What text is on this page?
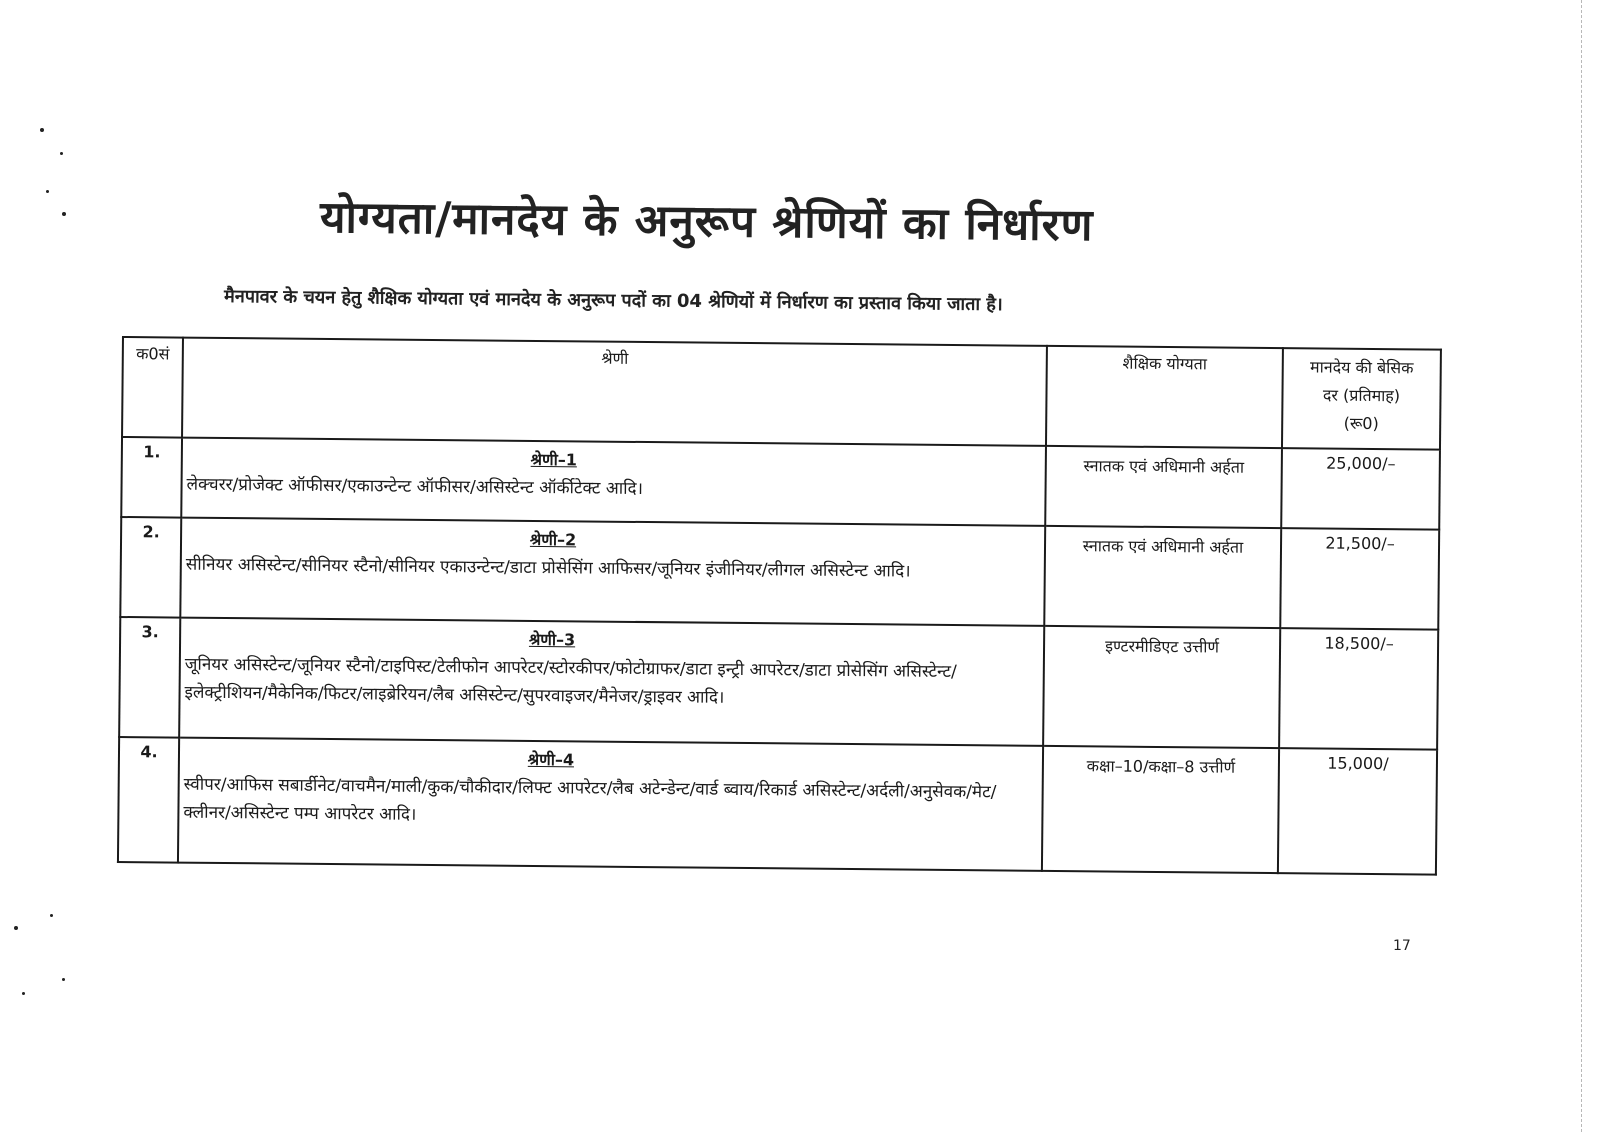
योग्यता/मानदेय के अनुरूप श्रेणियों का निर्धारण
मैनपावर के चयन हेतु शैक्षिक योग्यता एवं मानदेय के अनुरूप पदों का 04 श्रेणियों में निर्धारण का प्रस्ताव किया जाता है।
क0सं	श्रेणी	शैक्षिक योग्यता	मानदेय की बेसिक
दर (प्रतिमाह)
(रू0)

1.	श्रेणी–1
लेक्चरर/प्रोजेक्ट ऑफीसर/एकाउन्टेन्ट ऑफीसर/असिस्टेन्ट ऑर्कीटेक्ट आदि।	स्नातक एवं अधिमानी अर्हता	25,000/–
2.	श्रेणी–2
सीनियर असिस्टेन्ट/सीनियर स्टैनो/सीनियर एकाउन्टेन्ट/डाटा प्रोसेसिंग आफिसर/जूनियर इंजीनियर/लीगल असिस्टेन्ट आदि।	स्नातक एवं अधिमानी अर्हता	21,500/–
3.	श्रेणी–3
जूनियर असिस्टेन्ट/जूनियर स्टैनो/टाइपिस्ट/टेलीफोन आपरेटर/स्टोरकीपर/फोटोग्राफर/डाटा इन्ट्री आपरेटर/डाटा प्रोसेसिंग असिस्टेन्ट/इलेक्ट्रीशियन/मैकेनिक/फिटर/लाइब्रेरियन/लैब असिस्टेन्ट/सुपरवाइजर/मैनेजर/ड्राइवर आदि।	इण्टरमीडिएट उत्तीर्ण	18,500/–
4.	श्रेणी–4
स्वीपर/आफिस सबार्डीनेट/वाचमैन/माली/कुक/चौकीदार/लिफ्ट आपरेटर/लैब अटेन्डेन्ट/वार्ड ब्वाय/रिकार्ड असिस्टेन्ट/अर्दली/अनुसेवक/मेट/क्लीनर/असिस्टेन्ट पम्प आपरेटर आदि।	कक्षा–10/कक्षा–8 उत्तीर्ण	15,000/
17
